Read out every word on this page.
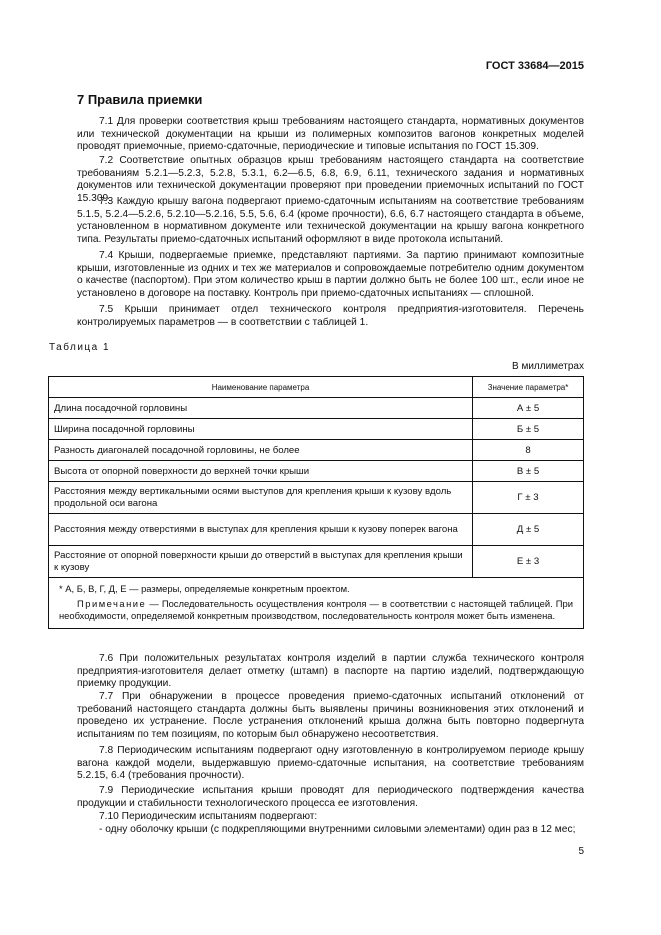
ГОСТ 33684—2015
7 Правила приемки

7.1 Для проверки соответствия крыш требованиям настоящего стандарта, нормативных документов или технической документации на крыши из полимерных композитов вагонов конкретных моделей проводят приемочные, приемо-сдаточные, периодические и типовые испытания по ГОСТ 15.309.

7.2 Соответствие опытных образцов крыш требованиям настоящего стандарта на соответствие требованиям 5.2.1—5.2.3, 5.2.8, 5.3.1, 6.2—6.5, 6.8, 6.9, 6.11, технического задания и нормативных документов или технической документации проверяют при проведении приемочных испытаний по ГОСТ 15.309.

7.3 Каждую крышу вагона подвергают приемо-сдаточным испытаниям на соответствие требованиям 5.1.5, 5.2.4—5.2.6, 5.2.10—5.2.16, 5.5, 5.6, 6.4 (кроме прочности), 6.6, 6.7 настоящего стандарта в объеме, установленном в нормативном документе или технической документации на крышу вагона конкретного типа. Результаты приемо-сдаточных испытаний оформляют в виде протокола испытаний.

7.4 Крыши, подвергаемые приемке, представляют партиями. За партию принимают композитные крыши, изготовленные из одних и тех же материалов и сопровождаемые потребителю одним документом о качестве (паспортом). При этом количество крыш в партии должно быть не более 100 шт., если иное не установлено в договоре на поставку. Контроль при приемо-сдаточных испытаниях — сплошной.

7.5 Крыши принимает отдел технического контроля предприятия-изготовителя. Перечень контролируемых параметров — в соответствии с таблицей 1.

Таблица 1
В миллиметрах
Наименование параметра	Значение параметра*
Длина посадочной горловины	А ± 5
Ширина посадочной горловины	Б ± 5
Разность диагоналей посадочной горловины, не более	8
Высота от опорной поверхности до верхней точки крыши	В ± 5
Расстояния между вертикальными осями выступов для крепления крыши к кузову вдоль продольной оси вагона	Г ± 3
Расстояния между отверстиями в выступах для крепления крыши к кузову поперек вагона	Д ± 5
Расстояние от опорной поверхности крыши до отверстий в выступах для крепления крыши к кузову	Е ± 3

* А, Б, В, Г, Д, Е — размеры, определяемые конкретным проектом.

Примечание — Последовательность осуществления контроля — в соответствии с настоящей таблицей. При необходимости, определяемой конкретным производством, последовательность контроля может быть изменена.	

7.6 При положительных результатах контроля изделий в партии служба технического контроля предприятия-изготовителя делает отметку (штамп) в паспорте на партию изделий, подтверждающую приемку продукции.

7.7 При обнаружении в процессе проведения приемо-сдаточных испытаний отклонений от требований настоящего стандарта должны быть выявлены причины возникновения этих отклонений и проведено их устранение. После устранения отклонений крыша должна быть повторно подвергнута испытаниям по тем позициям, по которым был обнаружено несоответствия.

7.8 Периодическим испытаниям подвергают одну изготовленную в контролируемом периоде крышу вагона каждой модели, выдержавшую приемо-сдаточные испытания, на соответствие требованиям 5.2.15, 6.4 (требования прочности).

7.9 Периодические испытания крыши проводят для периодического подтверждения качества продукции и стабильности технологического процесса ее изготовления.

7.10 Периодическим испытаниям подвергают:

- одну оболочку крыши (с подкрепляющими внутренними силовыми элементами) один раз в 12 мес;

5
